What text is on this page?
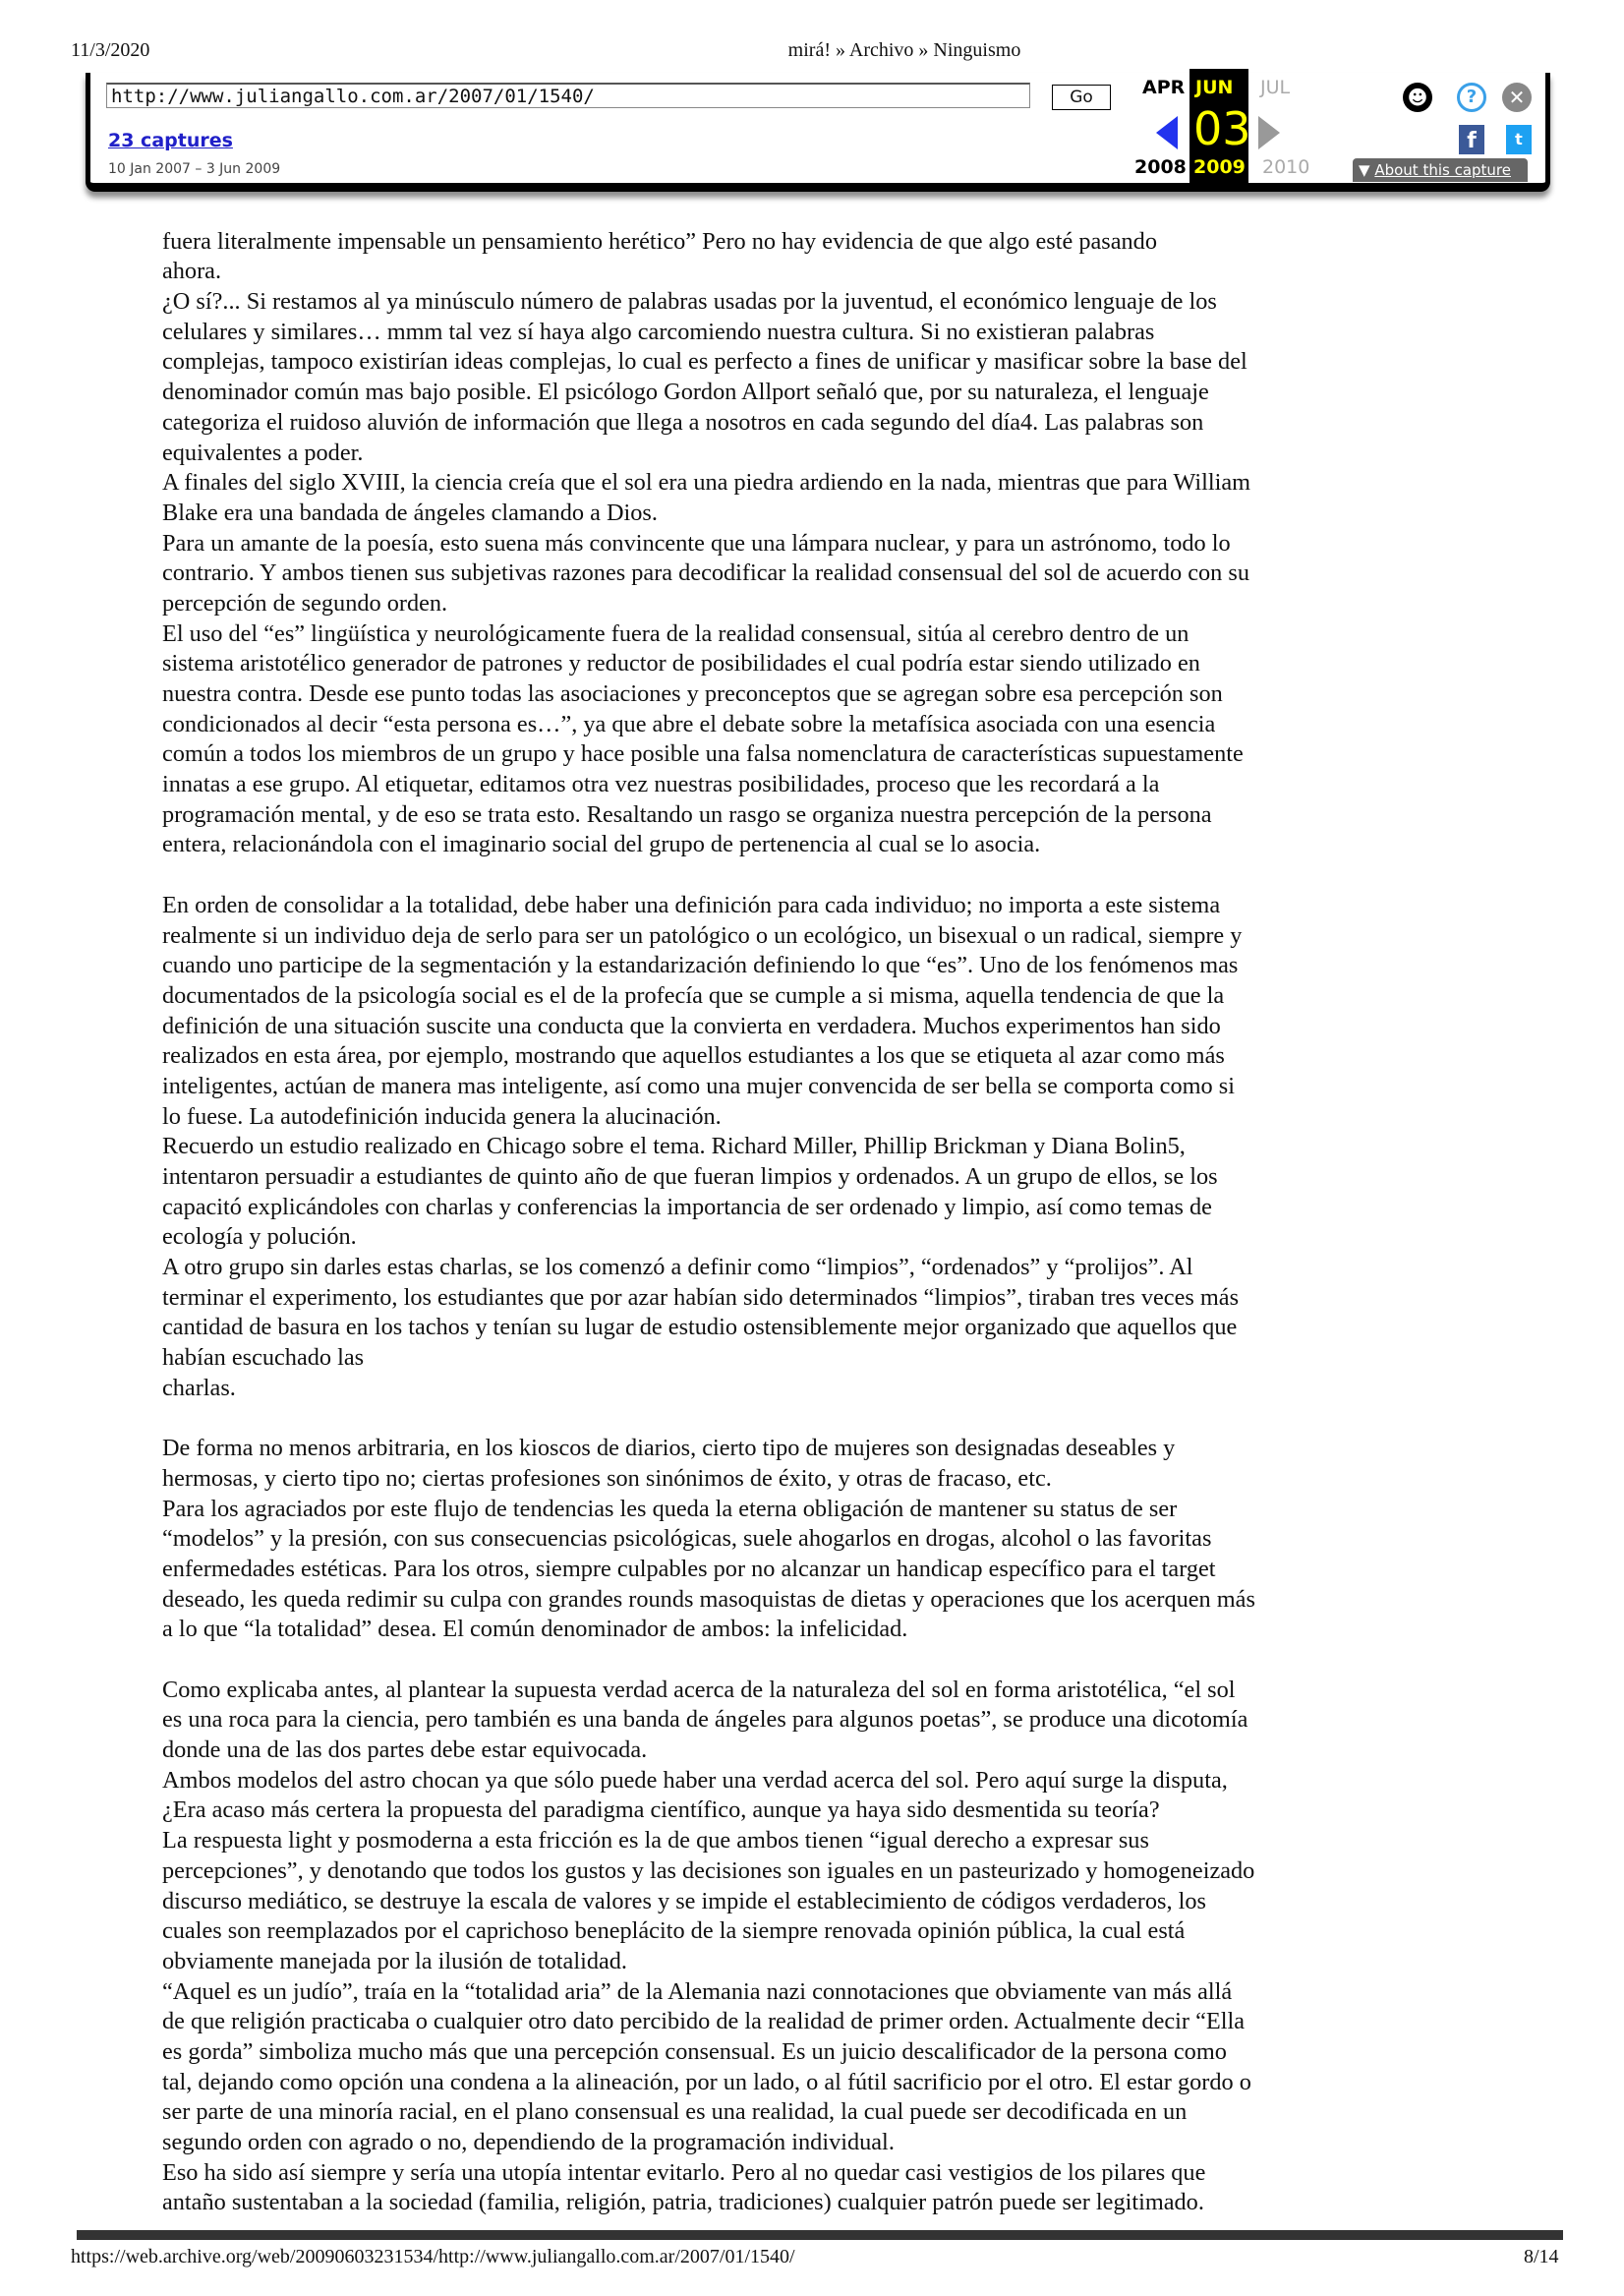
11/3/2020	mirá! » Archivo » Ninguismo
fuera literalmente impensable un pensamiento herético” Pero no hay evidencia de que algo esté pasando
ahora.
¿O sí?... Si restamos al ya minúsculo número de palabras usadas por la juventud, el económico lenguaje de los
celulares y similares… mmm tal vez sí haya algo carcomiendo nuestra cultura. Si no existieran palabras
complejas, tampoco existirían ideas complejas, lo cual es perfecto a fines de unificar y masificar sobre la base del
denominador común mas bajo posible. El psicólogo Gordon Allport señaló que, por su naturaleza, el lenguaje
categoriza el ruidoso aluvión de información que llega a nosotros en cada segundo del día4. Las palabras son
equivalentes a poder.
A finales del siglo XVIII, la ciencia creía que el sol era una piedra ardiendo en la nada, mientras que para William
Blake era una bandada de ángeles clamando a Dios.
Para un amante de la poesía, esto suena más convincente que una lámpara nuclear, y para un astrónomo, todo lo
contrario. Y ambos tienen sus subjetivas razones para decodificar la realidad consensual del sol de acuerdo con su
percepción de segundo orden.
El uso del “es” lingüística y neurológicamente fuera de la realidad consensual, sitúa al cerebro dentro de un
sistema aristotélico generador de patrones y reductor de posibilidades el cual podría estar siendo utilizado en
nuestra contra. Desde ese punto todas las asociaciones y preconceptos que se agregan sobre esa percepción son
condicionados al decir “esta persona es…”, ya que abre el debate sobre la metafísica asociada con una esencia
común a todos los miembros de un grupo y hace posible una falsa nomenclatura de características supuestamente
innatas a ese grupo. Al etiquetar, editamos otra vez nuestras posibilidades, proceso que les recordará a la
programación mental, y de eso se trata esto. Resaltando un rasgo se organiza nuestra percepción de la persona
entera, relacionándola con el imaginario social del grupo de pertenencia al cual se lo asocia.
En orden de consolidar a la totalidad, debe haber una definición para cada individuo; no importa a este sistema
realmente si un individuo deja de serlo para ser un patológico o un ecológico, un bisexual o un radical, siempre y
cuando uno participe de la segmentación y la estandarización definiendo lo que “es”. Uno de los fenómenos mas
documentados de la psicología social es el de la profecía que se cumple a si misma, aquella tendencia de que la
definición de una situación suscite una conducta que la convierta en verdadera. Muchos experimentos han sido
realizados en esta área, por ejemplo, mostrando que aquellos estudiantes a los que se etiqueta al azar como más
inteligentes, actúan de manera mas inteligente, así como una mujer convencida de ser bella se comporta como si
lo fuese. La autodefinición inducida genera la alucinación.
Recuerdo un estudio realizado en Chicago sobre el tema. Richard Miller, Phillip Brickman y Diana Bolin5,
intentaron persuadir a estudiantes de quinto año de que fueran limpios y ordenados. A un grupo de ellos, se los
capacitó explicándoles con charlas y conferencias la importancia de ser ordenado y limpio, así como temas de
ecología y polución.
A otro grupo sin darles estas charlas, se los comenzó a definir como “limpios”, “ordenados” y “prolijos”. Al
terminar el experimento, los estudiantes que por azar habían sido determinados “limpios”, tiraban tres veces más
cantidad de basura en los tachos y tenían su lugar de estudio ostensiblemente mejor organizado que aquellos que
habían escuchado las
charlas.
De forma no menos arbitraria, en los kioscos de diarios, cierto tipo de mujeres son designadas deseables y
hermosas, y cierto tipo no; ciertas profesiones son sinónimos de éxito, y otras de fracaso, etc.
Para los agraciados por este flujo de tendencias les queda la eterna obligación de mantener su status de ser
“modelos” y la presión, con sus consecuencias psicológicas, suele ahogarlos en drogas, alcohol o las favoritas
enfermedades estéticas. Para los otros, siempre culpables por no alcanzar un handicap específico para el target
deseado, les queda redimir su culpa con grandes rounds masoquistas de dietas y operaciones que los acerquen más
a lo que “la totalidad” desea. El común denominador de ambos: la infelicidad.
Como explicaba antes, al plantear la supuesta verdad acerca de la naturaleza del sol en forma aristotélica, “el sol
es una roca para la ciencia, pero también es una banda de ángeles para algunos poetas”, se produce una dicotomía
donde una de las dos partes debe estar equivocada.
Ambos modelos del astro chocan ya que sólo puede haber una verdad acerca del sol. Pero aquí surge la disputa,
¿Era acaso más certera la propuesta del paradigma científico, aunque ya haya sido desmentida su teoría?
La respuesta light y posmoderna a esta fricción es la de que ambos tienen “igual derecho a expresar sus
percepciones”, y denotando que todos los gustos y las decisiones son iguales en un pasteurizado y homogeneizado
discurso mediático, se destruye la escala de valores y se impide el establecimiento de códigos verdaderos, los
cuales son reemplazados por el caprichoso beneplácito de la siempre renovada opinión pública, la cual está
obviamente manejada por la ilusión de totalidad.
“Aquel es un judío”, traía en la “totalidad aria” de la Alemania nazi connotaciones que obviamente van más allá
de que religión practicaba o cualquier otro dato percibido de la realidad de primer orden. Actualmente decir “Ella
es gorda” simboliza mucho más que una percepción consensual. Es un juicio descalificador de la persona como
tal, dejando como opción una condena a la alineación, por un lado, o al fútil sacrificio por el otro. El estar gordo o
ser parte de una minoría racial, en el plano consensual es una realidad, la cual puede ser decodificada en un
segundo orden con agrado o no, dependiendo de la programación individual.
Eso ha sido así siempre y sería una utopía intentar evitarlo. Pero al no quedar casi vestigios de los pilares que
antaño sustentaban a la sociedad (familia, religión, patria, tradiciones) cualquier patrón puede ser legitimado.
http://www.juliangallo.com.ar/2007/01/1540/	Go
23 captures
10 Jan 2007 – 3 Jun 2009
APR JUN JUL
03
2008 2009 2010
☻	?	✕
f	t
▼ About this capture
https://web.archive.org/web/20090603231534/http://www.juliangallo.com.ar/2007/01/1540/	8/14
